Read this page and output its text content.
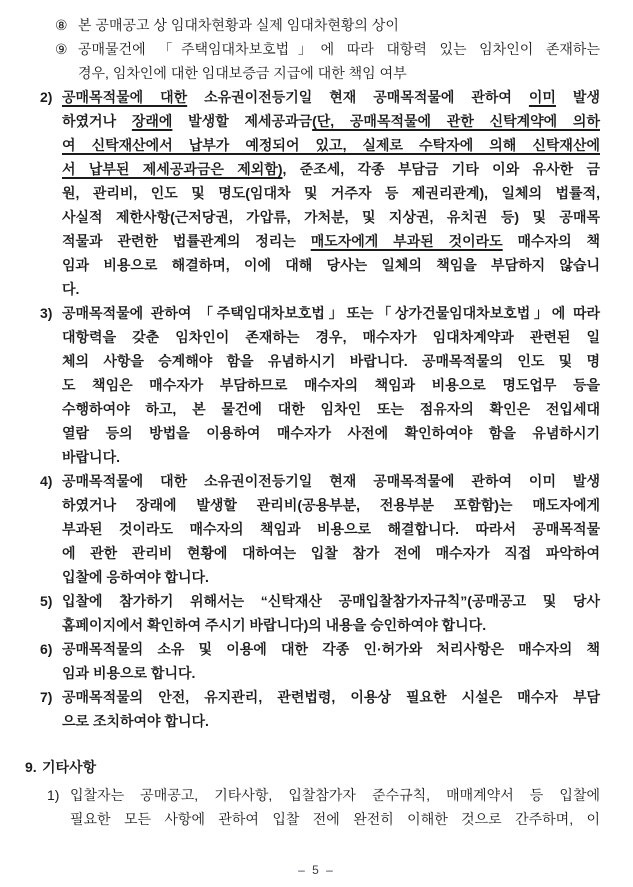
⑧ 본 공매공고 상 임대차현황과 실제 임대차현황의 상이
⑨ 공매물건에 「주택임대차보호법」에 따라 대항력 있는 임차인이 존재하는
경우, 임차인에 대한 임대보증금 지급에 대한 책임 여부
2) 공매목적물에 대한 소유권이전등기일 현재 공매목적물에 관하여 이미 발생
하였거나 장래에 발생할 제세공과금(단, 공매목적물에 관한 신탁계약에 의하
여 신탁재산에서 납부가 예정되어 있고, 실제로 수탁자에 의해 신탁재산에
서 납부된 제세공과금은 제외함), 준조세, 각종 부담금 기타 이와 유사한 금
원, 관리비, 인도 및 명도(임대차 및 거주자 등 제권리관계), 일체의 법률적,
사실적 제한사항(근저당권, 가압류, 가처분, 및 지상권, 유치권 등) 및 공매목
적물과 관련한 법률관계의 정리는 매도자에게 부과된 것이라도 매수자의 책
임과 비용으로 해결하며, 이에 대해 당사는 일체의 책임을 부담하지 않습니
다.
3) 공매목적물에 관하여 「주택임대차보호법」또는「상가건물임대차보호법」에 따라
대항력을 갖춘 임차인이 존재하는 경우, 매수자가 임대차계약과 관련된 일
체의 사항을 승계해야 함을 유념하시기 바랍니다. 공매목적물의 인도 및 명
도 책임은 매수자가 부담하므로 매수자의 책임과 비용으로 명도업무 등을
수행하여야 하고, 본 물건에 대한 임차인 또는 점유자의 확인은 전입세대
열람 등의 방법을 이용하여 매수자가 사전에 확인하여야 함을 유념하시기
바랍니다.
4) 공매목적물에 대한 소유권이전등기일 현재 공매목적물에 관하여 이미 발생
하였거나 장래에 발생할 관리비(공용부분, 전용부분 포함함)는 매도자에게
부과된 것이라도 매수자의 책임과 비용으로 해결합니다. 따라서 공매목적물
에 관한 관리비 현황에 대하여는 입찰 참가 전에 매수자가 직접 파악하여
입찰에 응하여야 합니다.
5) 입찰에 참가하기 위해서는 “신탁재산 공매입찰참가자규칙”(공매공고 및 당사
홈페이지에서 확인하여 주시기 바랍니다)의 내용을 승인하여야 합니다.
6) 공매목적물의 소유 및 이용에 대한 각종 인·허가와 처리사항은 매수자의 책
임과 비용으로 합니다.
7) 공매목적물의 안전, 유지관리, 관련법령, 이용상 필요한 시설은 매수자 부담
으로 조치하여야 합니다.
9. 기타사항
1) 입찰자는 공매공고, 기타사항, 입찰참가자 준수규칙, 매매계약서 등 입찰에
필요한 모든 사항에 관하여 입찰 전에 완전히 이해한 것으로 간주하며, 이
– 5 –
